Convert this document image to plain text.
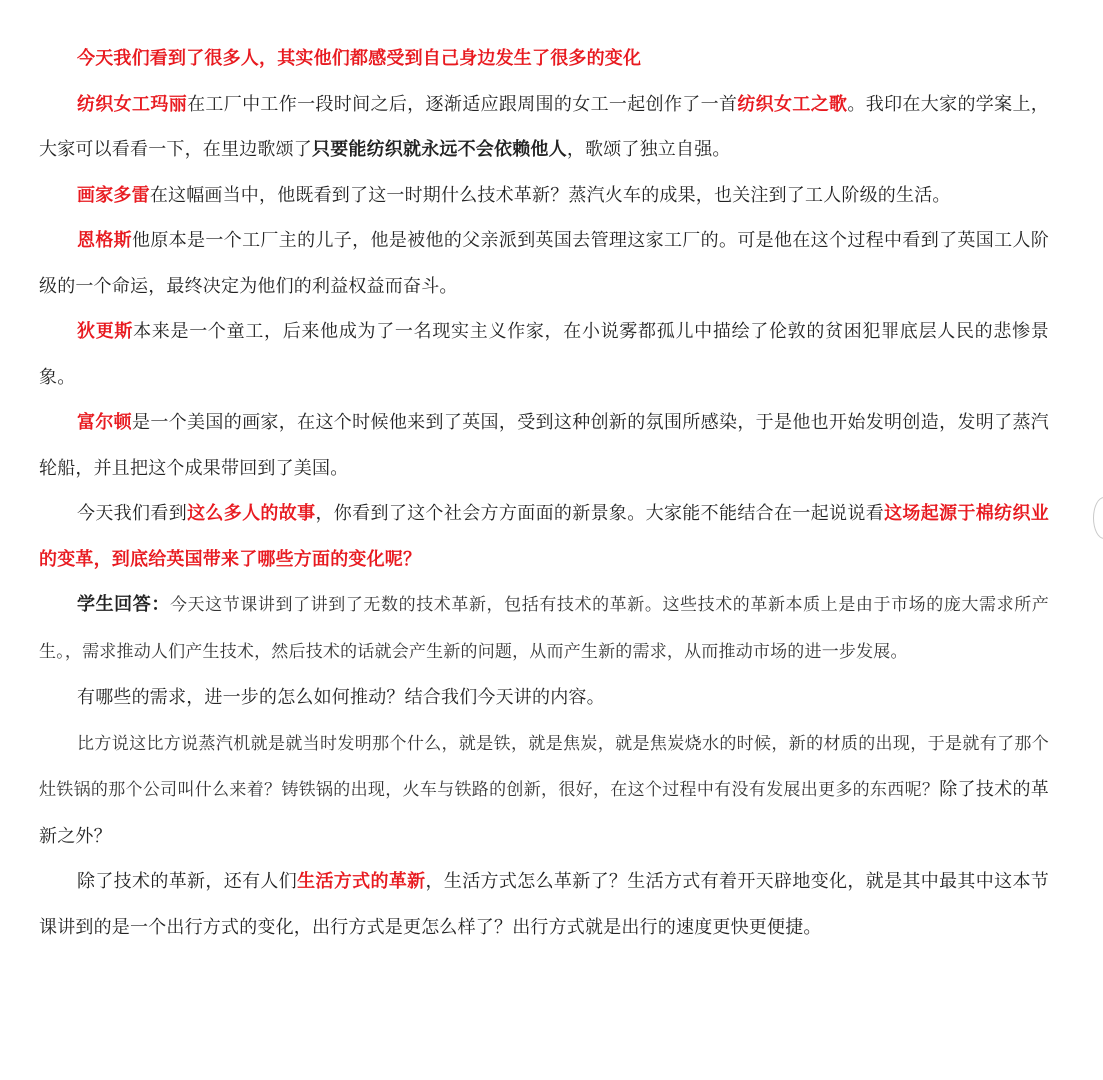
今天我们看到了很多人，其实他们都感受到自己身边发生了很多的变化

纺织女工玛丽在工厂中工作一段时间之后，逐渐适应跟周围的女工一起创作了一首纺织女工之歌。我印在大家的学案上，大家可以看看一下，在里边歌颂了只要能纺织就永远不会依赖他人，歌颂了独立自强。

画家多雷在这幅画当中，他既看到了这一时期什么技术革新？蒸汽火车的成果，也关注到了工人阶级的生活。

恩格斯他原本是一个工厂主的儿子，他是被他的父亲派到英国去管理这家工厂的。可是他在这个过程中看到了英国工人阶级的一个命运，最终决定为他们的利益权益而奋斗。

狄更斯本来是一个童工，后来他成为了一名现实主义作家，在小说雾都孤儿中描绘了伦敦的贫困犯罪底层人民的悲惨景象。

富尔顿是一个美国的画家，在这个时候他来到了英国，受到这种创新的氛围所感染，于是他也开始发明创造，发明了蒸汽轮船，并且把这个成果带回到了美国。

今天我们看到这么多人的故事，你看到了这个社会方方面面的新景象。大家能不能结合在一起说说看这场起源于棉纺织业的变革，到底给英国带来了哪些方面的变化呢？

学生回答：今天这节课讲到了讲到了无数的技术革新，包括有技术的革新。这些技术的革新本质上是由于市场的庞大需求所产生。，需求推动人们产生技术，然后技术的话就会产生新的问题，从而产生新的需求，从而推动市场的进一步发展。

有哪些的需求，进一步的怎么如何推动？结合我们今天讲的内容。

比方说这比方说蒸汽机就是就当时发明那个什么，就是铁，就是焦炭，就是焦炭烧水的时候，新的材质的出现，于是就有了那个灶铁锅的那个公司叫什么来着？铸铁锅的出现，火车与铁路的创新，很好，在这个过程中有没有发展出更多的东西呢？除了技术的革新之外？

除了技术的革新，还有人们生活方式的革新，生活方式怎么革新了？生活方式有着开天辟地变化，就是其中最其中这本节课讲到的是一个出行方式的变化，出行方式是更怎么样了？出行方式就是出行的速度更快更便捷。
